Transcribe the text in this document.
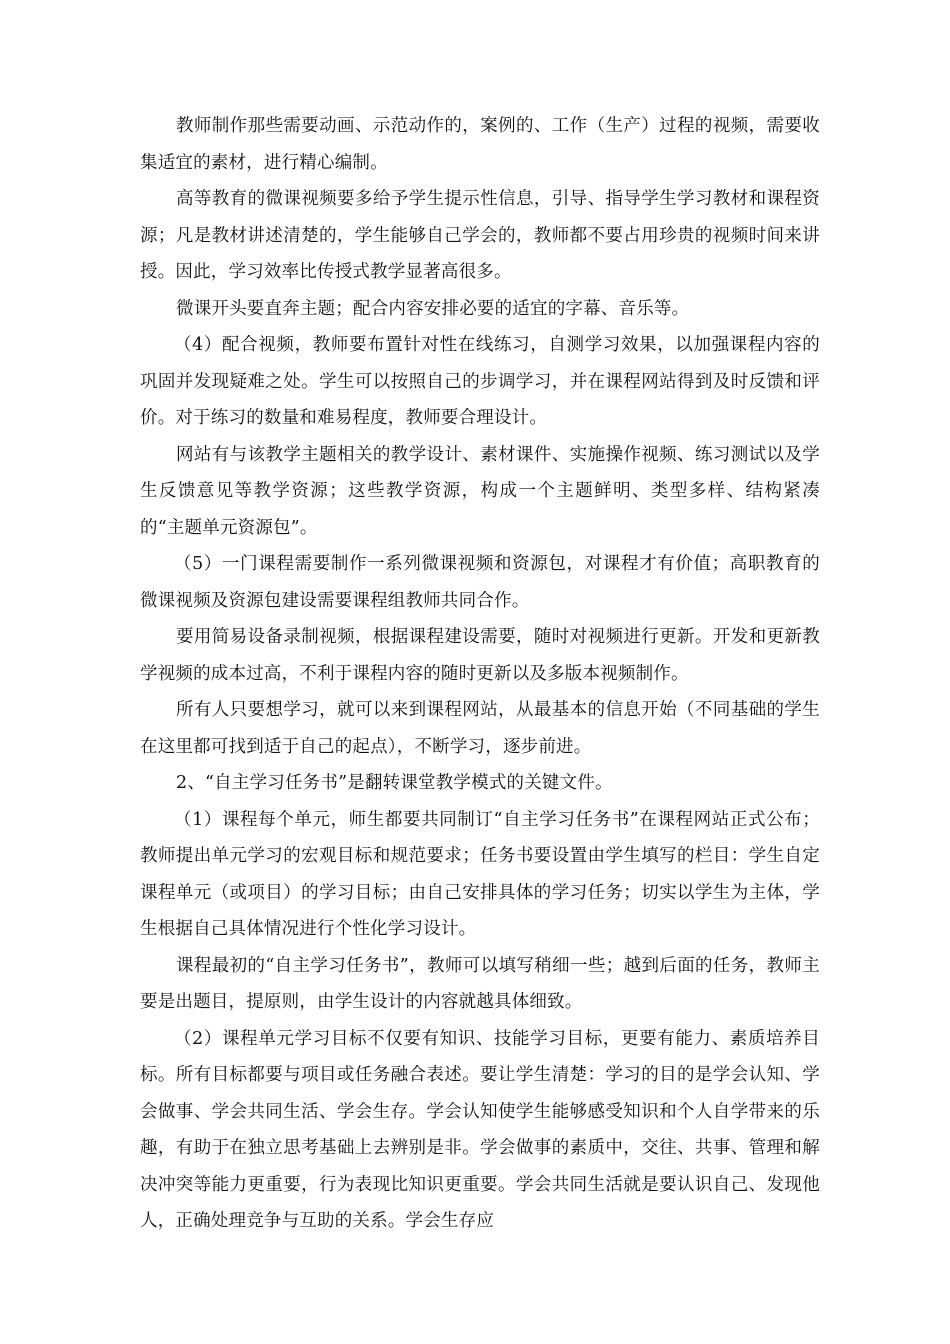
教师制作那些需要动画、示范动作的，案例的、工作（生产）过程的视频，需要收集适宜的素材，进行精心编制。

高等教育的微课视频要多给予学生提示性信息，引导、指导学生学习教材和课程资源；凡是教材讲述清楚的，学生能够自己学会的，教师都不要占用珍贵的视频时间来讲授。因此，学习效率比传授式教学显著高很多。

微课开头要直奔主题；配合内容安排必要的适宜的字幕、音乐等。

（4）配合视频，教师要布置针对性在线练习，自测学习效果，以加强课程内容的巩固并发现疑难之处。学生可以按照自己的步调学习，并在课程网站得到及时反馈和评价。对于练习的数量和难易程度，教师要合理设计。

网站有与该教学主题相关的教学设计、素材课件、实施操作视频、练习测试以及学生反馈意见等教学资源；这些教学资源，构成一个主题鲜明、类型多样、结构紧凑的“主题单元资源包”。

（5）一门课程需要制作一系列微课视频和资源包，对课程才有价值；高职教育的微课视频及资源包建设需要课程组教师共同合作。

要用简易设备录制视频，根据课程建设需要，随时对视频进行更新。开发和更新教学视频的成本过高，不利于课程内容的随时更新以及多版本视频制作。

所有人只要想学习，就可以来到课程网站，从最基本的信息开始（不同基础的学生在这里都可找到适于自己的起点），不断学习，逐步前进。

2、“自主学习任务书”是翻转课堂教学模式的关键文件。

（1）课程每个单元，师生都要共同制订“自主学习任务书”在课程网站正式公布；教师提出单元学习的宏观目标和规范要求；任务书要设置由学生填写的栏目：学生自定课程单元（或项目）的学习目标；由自己安排具体的学习任务；切实以学生为主体，学生根据自己具体情况进行个性化学习设计。

课程最初的“自主学习任务书”，教师可以填写稍细一些；越到后面的任务，教师主要是出题目，提原则，由学生设计的内容就越具体细致。

（2）课程单元学习目标不仅要有知识、技能学习目标，更要有能力、素质培养目标。所有目标都要与项目或任务融合表述。要让学生清楚：学习的目的是学会认知、学会做事、学会共同生活、学会生存。学会认知使学生能够感受知识和个人自学带来的乐趣，有助于在独立思考基础上去辨别是非。学会做事的素质中，交往、共事、管理和解决冲突等能力更重要，行为表现比知识更重要。学会共同生活就是要认识自己、发现他人，正确处理竞争与互助的关系。学会生存应
